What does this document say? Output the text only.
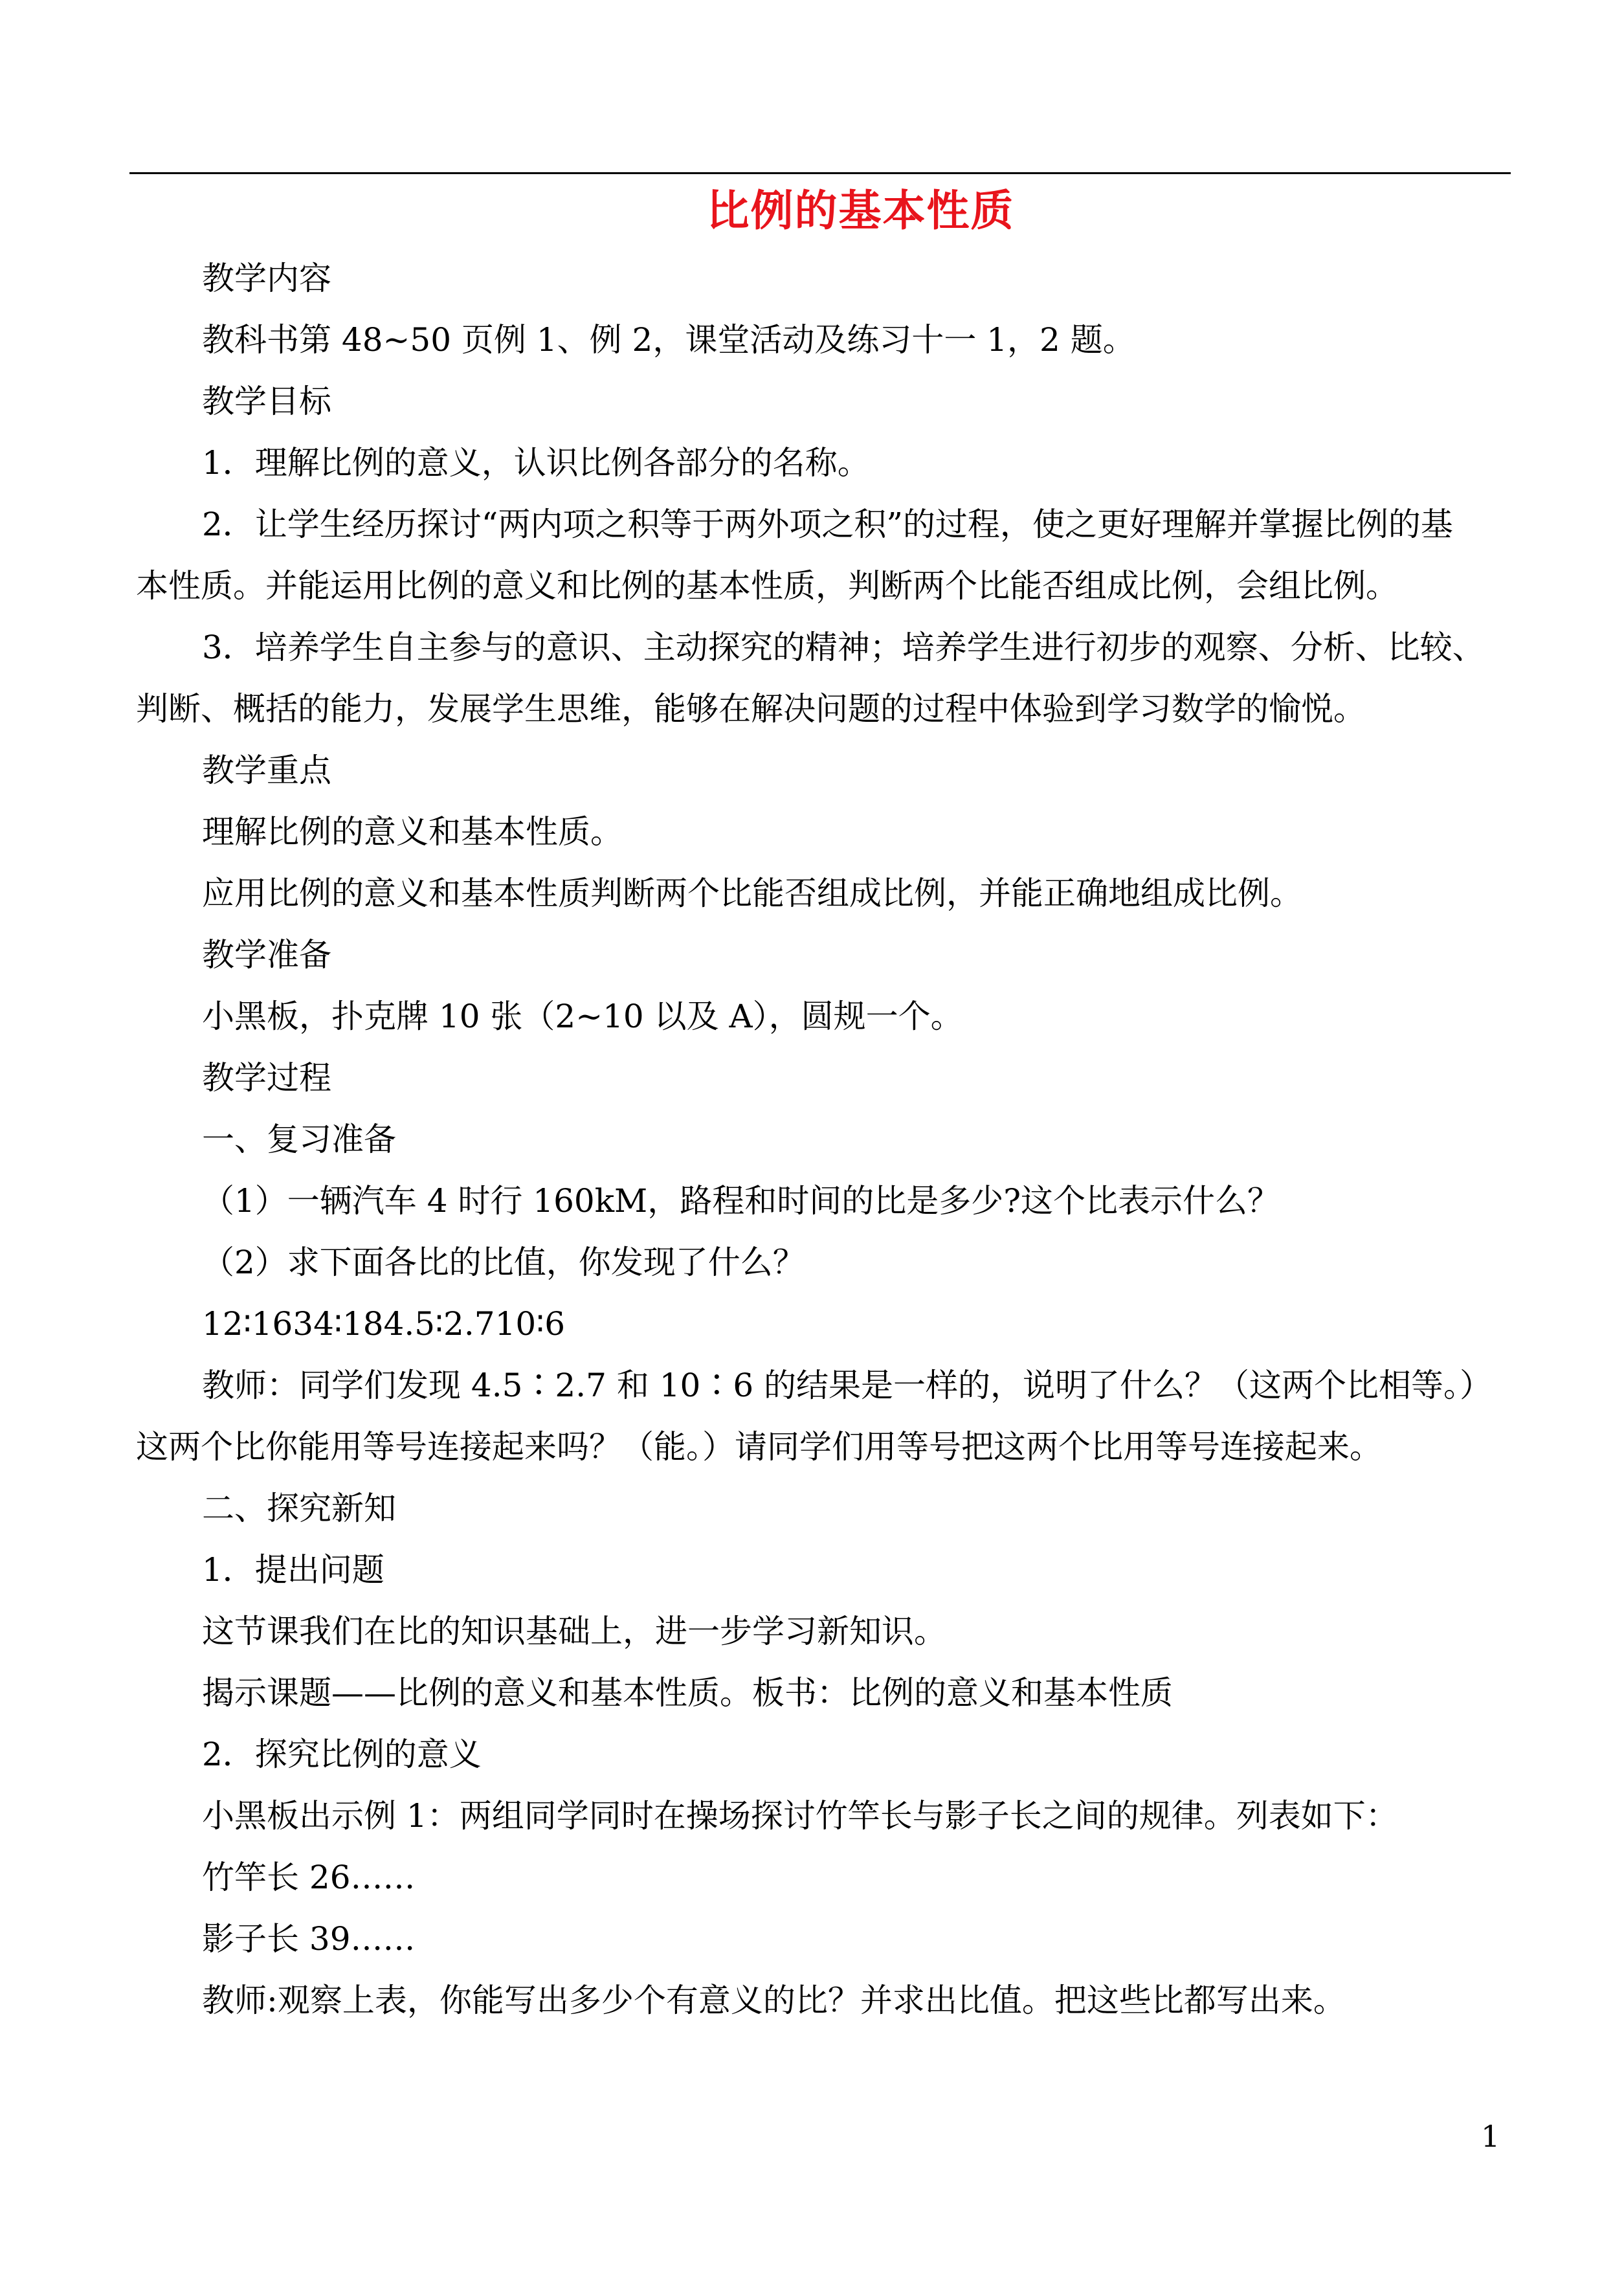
比例的基本性质
教学内容
教科书第 48~50 页例 1、例 2，课堂活动及练习十一 1，2 题。
教学目标
1．理解比例的意义，认识比例各部分的名称。
2．让学生经历探讨“两内项之积等于两外项之积”的过程，使之更好理解并掌握比例的基
本性质。并能运用比例的意义和比例的基本性质，判断两个比能否组成比例，会组比例。
3．培养学生自主参与的意识、主动探究的精神；培养学生进行初步的观察、分析、比较、
判断、概括的能力，发展学生思维，能够在解决问题的过程中体验到学习数学的愉悦。
教学重点
理解比例的意义和基本性质。
应用比例的意义和基本性质判断两个比能否组成比例，并能正确地组成比例。
教学准备
小黑板，扑克牌 10 张（2~10 以及 A），圆规一个。
教学过程
一、复习准备
（1）一辆汽车 4 时行 160kM，路程和时间的比是多少?这个比表示什么？
（2）求下面各比的比值，你发现了什么？
12∶1634∶184.5∶2.710∶6
教师：同学们发现 4.5∶2.7 和 10∶6 的结果是一样的，说明了什么？（这两个比相等。）
这两个比你能用等号连接起来吗？（能。）请同学们用等号把这两个比用等号连接起来。
二、探究新知
1．提出问题
这节课我们在比的知识基础上，进一步学习新知识。
揭示课题——比例的意义和基本性质。板书：比例的意义和基本性质
2．探究比例的意义
小黑板出示例 1：两组同学同时在操场探讨竹竿长与影子长之间的规律。列表如下：
竹竿长 26……
影子长 39……
教师:观察上表，你能写出多少个有意义的比？并求出比值。把这些比都写出来。
1
